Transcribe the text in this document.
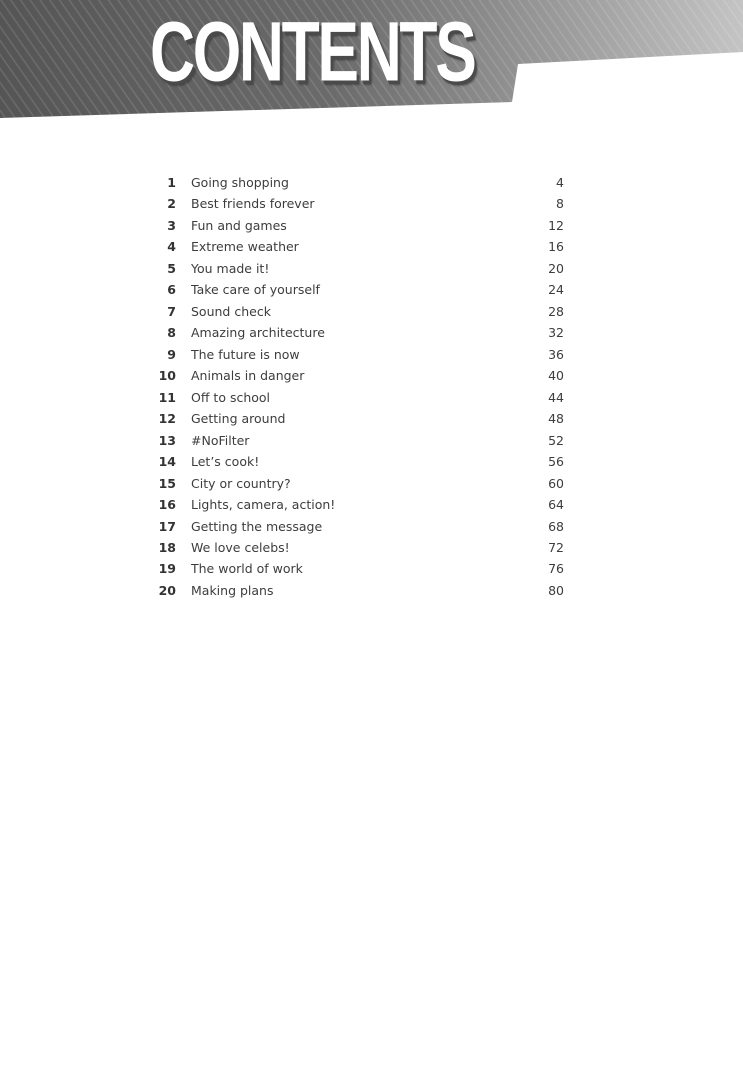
CONTENTS
1 Going shopping	4
2 Best friends forever	8
3 Fun and games	12
4 Extreme weather	16
5 You made it!	20
6 Take care of yourself	24
7 Sound check	28
8 Amazing architecture	32
9 The future is now	36
10 Animals in danger	40
11 Off to school	44
12 Getting around	48
13 #NoFilter	52
14 Let’s cook!	56
15 City or country?	60
16 Lights, camera, action!	64
17 Getting the message	68
18 We love celebs!	72
19 The world of work	76
20 Making plans	80
